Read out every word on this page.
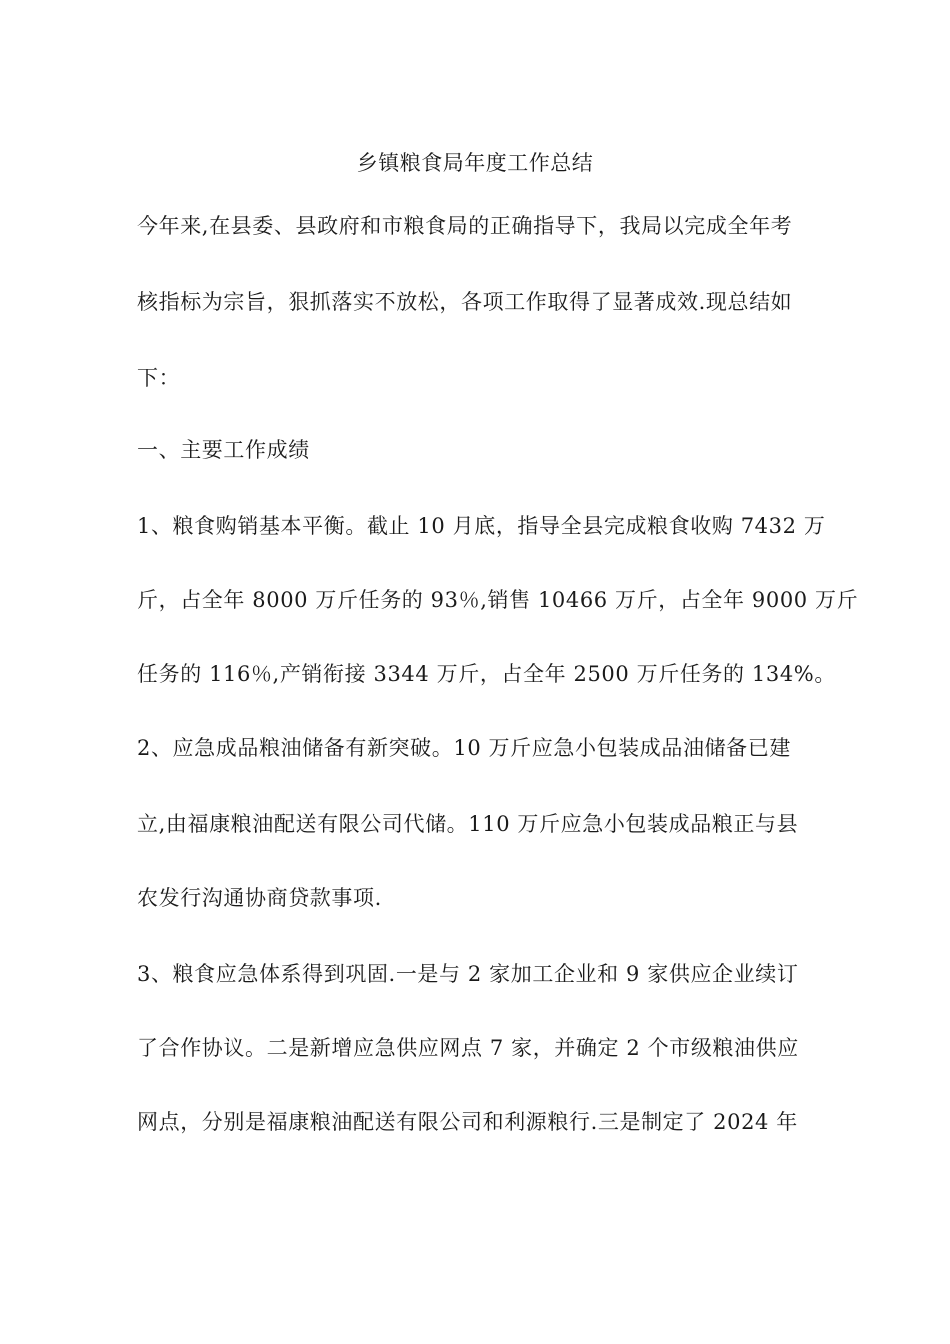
乡镇粮食局年度工作总结
今年来,在县委、县政府和市粮食局的正确指导下，我局以完成全年考
核指标为宗旨，狠抓落实不放松，各项工作取得了显著成效.现总结如
下：
一、主要工作成绩
1、粮食购销基本平衡。截止 10 月底，指导全县完成粮食收购 7432 万
斤，占全年 8000 万斤任务的 93％,销售 10466 万斤，占全年 9000 万斤
任务的 116％,产销衔接 3344 万斤，占全年 2500 万斤任务的 134%。
2、应急成品粮油储备有新突破。10 万斤应急小包装成品油储备已建
立,由福康粮油配送有限公司代储。110 万斤应急小包装成品粮正与县
农发行沟通协商贷款事项.
3、粮食应急体系得到巩固.一是与 2 家加工企业和 9 家供应企业续订
了合作协议。二是新增应急供应网点 7 家，并确定 2 个市级粮油供应
网点，分别是福康粮油配送有限公司和利源粮行.三是制定了 2024 年
